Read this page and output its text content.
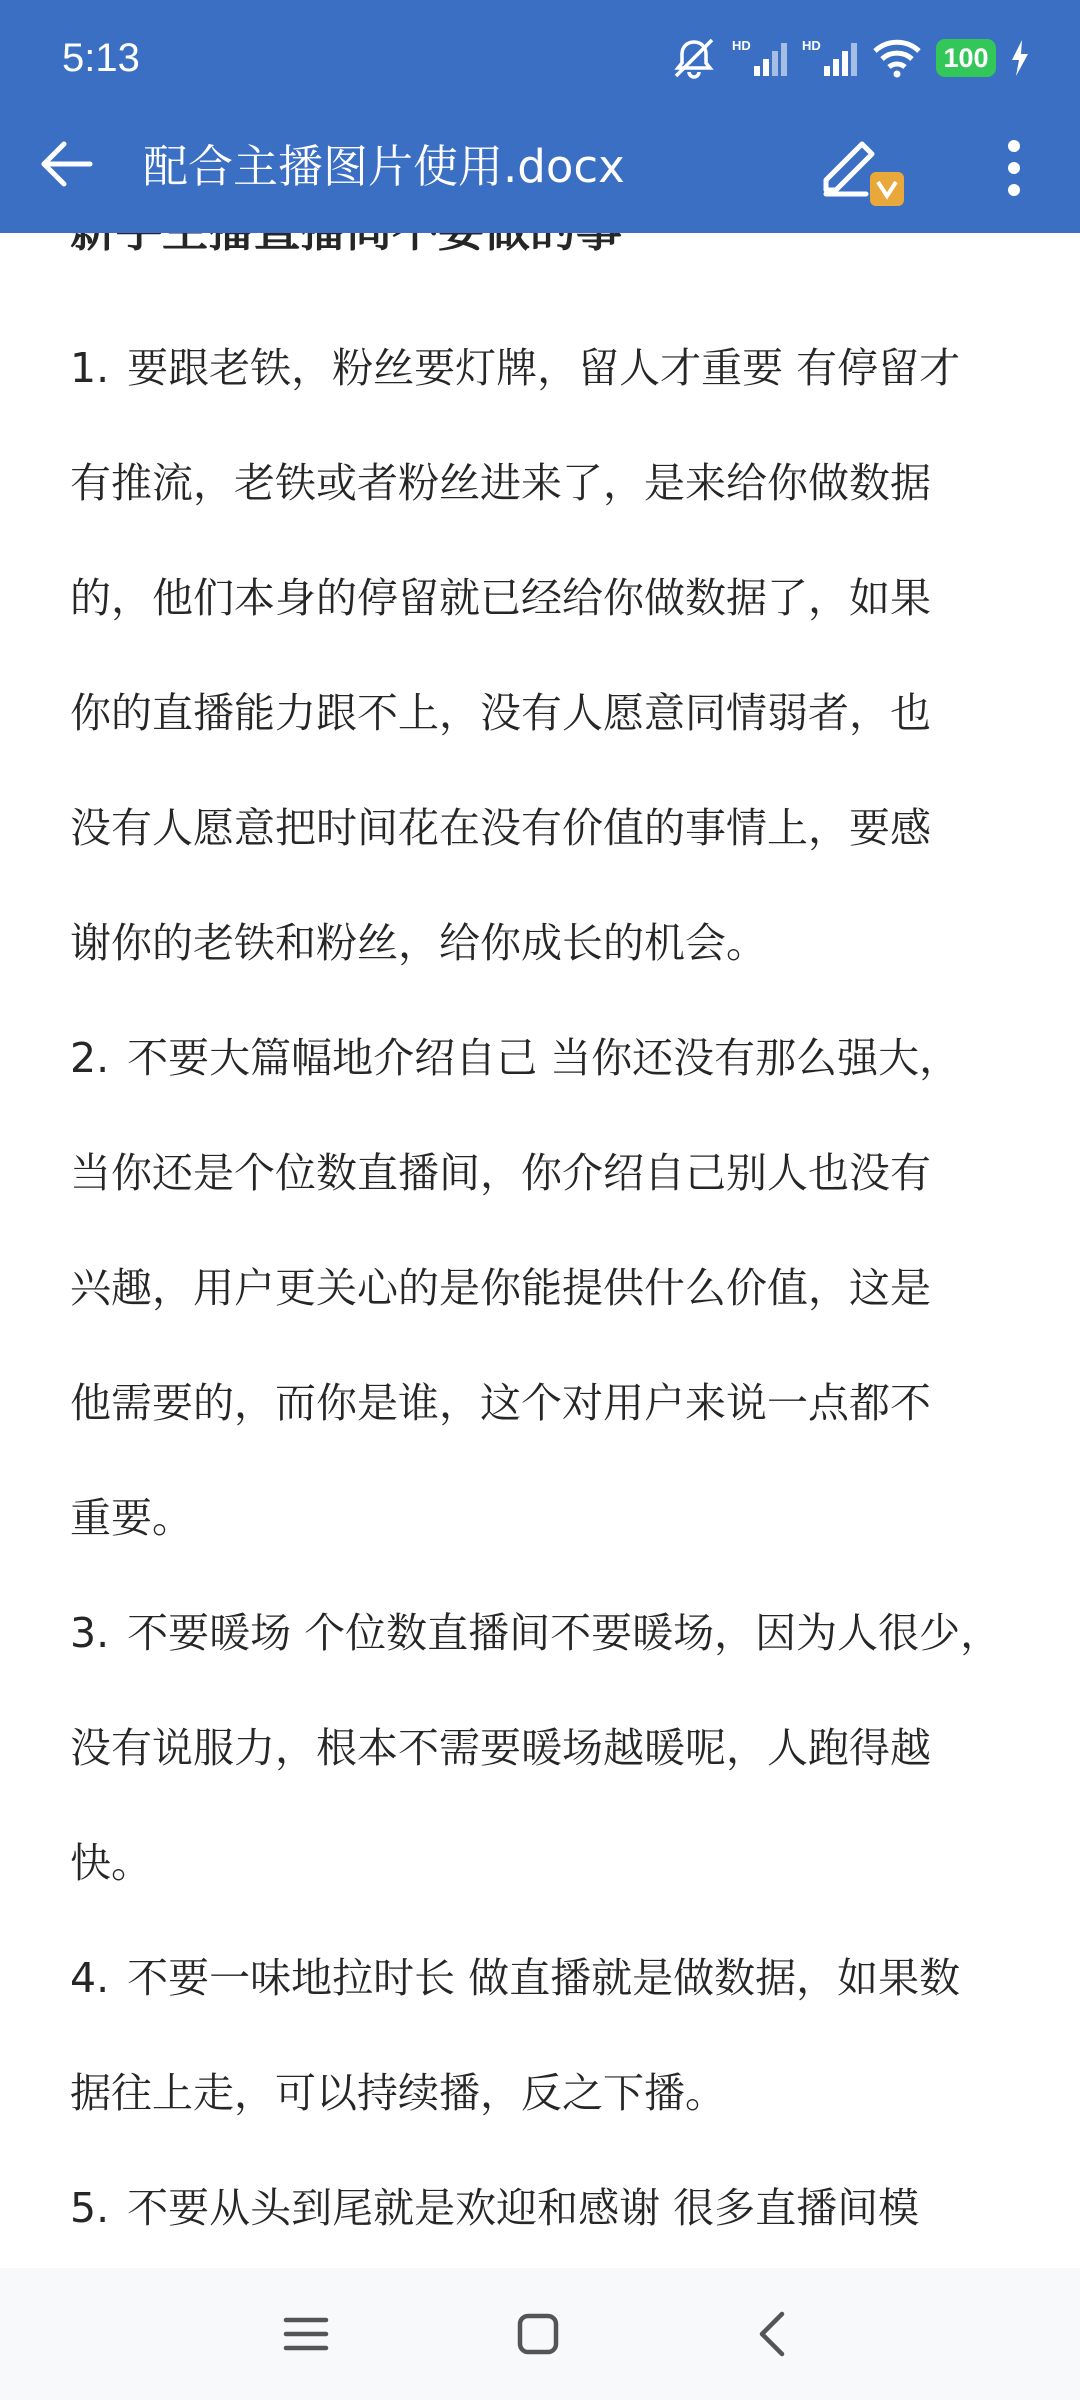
5:13	HD	HD	100
配合主播图片使用.docx
1. 要跟老铁，粉丝要灯牌，留人才重要 有停留才
有推流，老铁或者粉丝进来了，是来给你做数据
的，他们本身的停留就已经给你做数据了，如果
你的直播能力跟不上，没有人愿意同情弱者，也
没有人愿意把时间花在没有价值的事情上，要感
谢你的老铁和粉丝，给你成长的机会。
2. 不要大篇幅地介绍自己 当你还没有那么强大，
当你还是个位数直播间，你介绍自己别人也没有
兴趣，用户更关心的是你能提供什么价值，这是
他需要的，而你是谁，这个对用户来说一点都不
重要。
3. 不要暖场 个位数直播间不要暖场，因为人很少，
没有说服力，根本不需要暖场越暖呢，人跑得越
快。
4. 不要一味地拉时长 做直播就是做数据，如果数
据往上走，可以持续播，反之下播。
5. 不要从头到尾就是欢迎和感谢 很多直播间模
